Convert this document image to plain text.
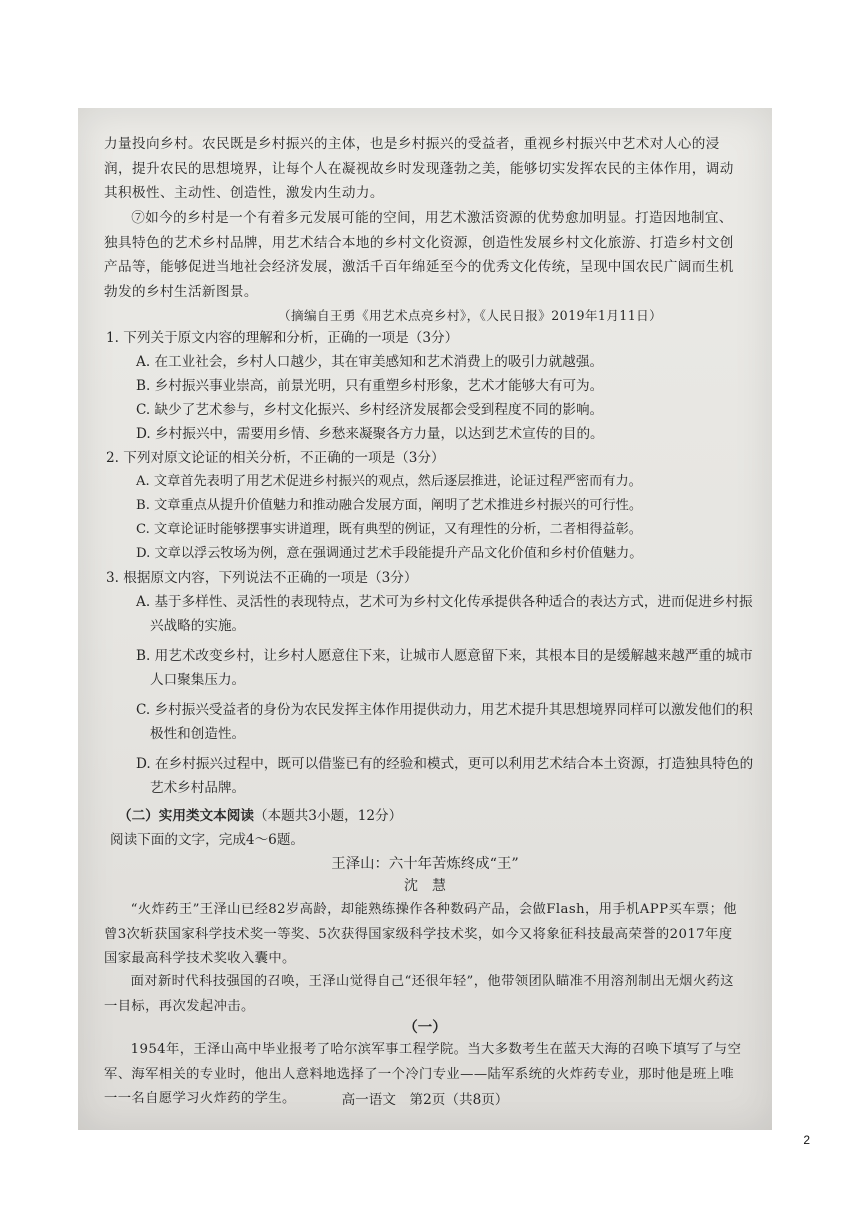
力量投向乡村。农民既是乡村振兴的主体，也是乡村振兴的受益者，重视乡村振兴中艺术对人心的浸润，提升农民的思想境界，让每个人在凝视故乡时发现蓬勃之美，能够切实发挥农民的主体作用，调动其积极性、主动性、创造性，激发内生动力。

⑦如今的乡村是一个有着多元发展可能的空间，用艺术激活资源的优势愈加明显。打造因地制宜、独具特色的艺术乡村品牌，用艺术结合本地的乡村文化资源，创造性发展乡村文化旅游、打造乡村文创产品等，能够促进当地社会经济发展，激活千百年绵延至今的优秀文化传统，呈现中国农民广阔而生机勃发的乡村生活新图景。

（摘编自王勇《用艺术点亮乡村》，《人民日报》2019年1月11日）

1. 下列关于原文内容的理解和分析，正确的一项是（3分）

A. 在工业社会，乡村人口越少，其在审美感知和艺术消费上的吸引力就越强。

B. 乡村振兴事业崇高，前景光明，只有重塑乡村形象，艺术才能够大有可为。

C. 缺少了艺术参与，乡村文化振兴、乡村经济发展都会受到程度不同的影响。

D. 乡村振兴中，需要用乡情、乡愁来凝聚各方力量，以达到艺术宣传的目的。

2. 下列对原文论证的相关分析，不正确的一项是（3分）

A. 文章首先表明了用艺术促进乡村振兴的观点，然后逐层推进，论证过程严密而有力。

B. 文章重点从提升价值魅力和推动融合发展方面，阐明了艺术推进乡村振兴的可行性。

C. 文章论证时能够摆事实讲道理，既有典型的例证，又有理性的分析，二者相得益彰。

D. 文章以浮云牧场为例，意在强调通过艺术手段能提升产品文化价值和乡村价值魅力。

3. 根据原文内容，下列说法不正确的一项是（3分）

A. 基于多样性、灵活性的表现特点，艺术可为乡村文化传承提供各种适合的表达方式，进而促进乡村振兴战略的实施。

B. 用艺术改变乡村，让乡村人愿意住下来，让城市人愿意留下来，其根本目的是缓解越来越严重的城市人口聚集压力。

C. 乡村振兴受益者的身份为农民发挥主体作用提供动力，用艺术提升其思想境界同样可以激发他们的积极性和创造性。

D. 在乡村振兴过程中，既可以借鉴已有的经验和模式，更可以利用艺术结合本土资源，打造独具特色的艺术乡村品牌。

（二）实用类文本阅读（本题共3小题，12分）

阅读下面的文字，完成4～6题。

王泽山：六十年苦炼终成“王”

沈　慧

“火炸药王”王泽山已经82岁高龄，却能熟练操作各种数码产品，会做Flash，用手机APP买车票；他曾3次斩获国家科学技术奖一等奖、5次获得国家级科学技术奖，如今又将象征科技最高荣誉的2017年度国家最高科学技术奖收入囊中。

面对新时代科技强国的召唤，王泽山觉得自己“还很年轻”，他带领团队瞄准不用溶剂制出无烟火药这一目标，再次发起冲击。

（一）

1954年，王泽山高中毕业报考了哈尔滨军事工程学院。当大多数考生在蓝天大海的召唤下填写了与空军、海军相关的专业时，他出人意料地选择了一个冷门专业——陆军系统的火炸药专业，那时他是班上唯一一名自愿学习火炸药的学生。	高一语文　第2页（共8页）

2
